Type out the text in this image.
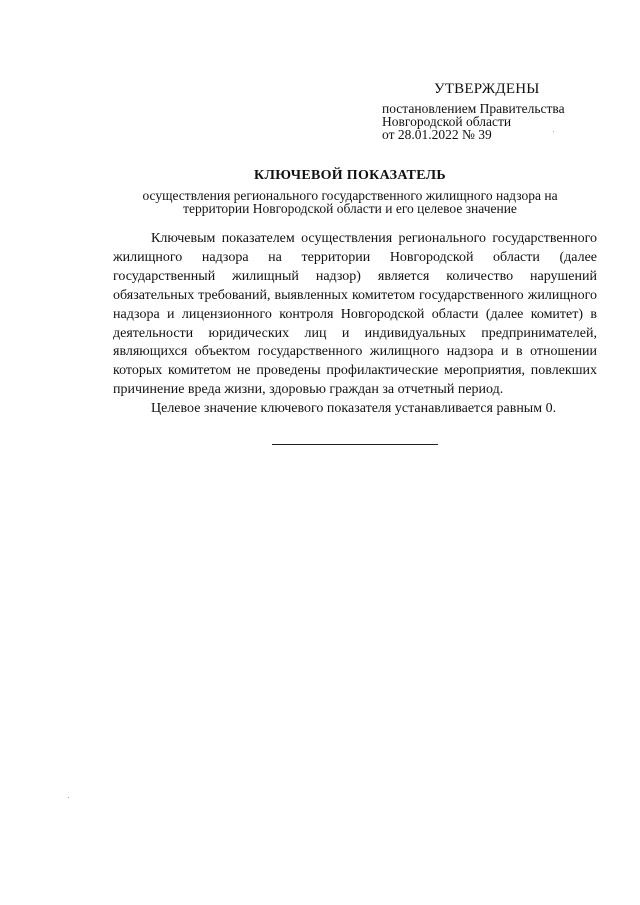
УТВЕРЖДЕНЫ
постановлением Правительства
Новгородской области
от 28.01.2022 № 39
КЛЮЧЕВОЙ ПОКАЗАТЕЛЬ
осуществления регионального государственного жилищного надзора на
территории Новгородской области и его целевое значение

Ключевым показателем осуществления регионального государственного жилищного надзора на территории Новгородской области (далее государственный жилищный надзор) является количество нарушений обязательных требований, выявленных комитетом государственного жилищного надзора и лицензионного контроля Новгородской области (далее комитет) в деятельности юридических лиц и индивидуальных предпринимателей, являющихся объектом государственного жилищного надзора и в отношении которых комитетом не проведены профилактические мероприятия, повлекших причинение вреда жизни, здоровью граждан за отчетный период.

Целевое значение ключевого показателя устанавливается равным 0.
